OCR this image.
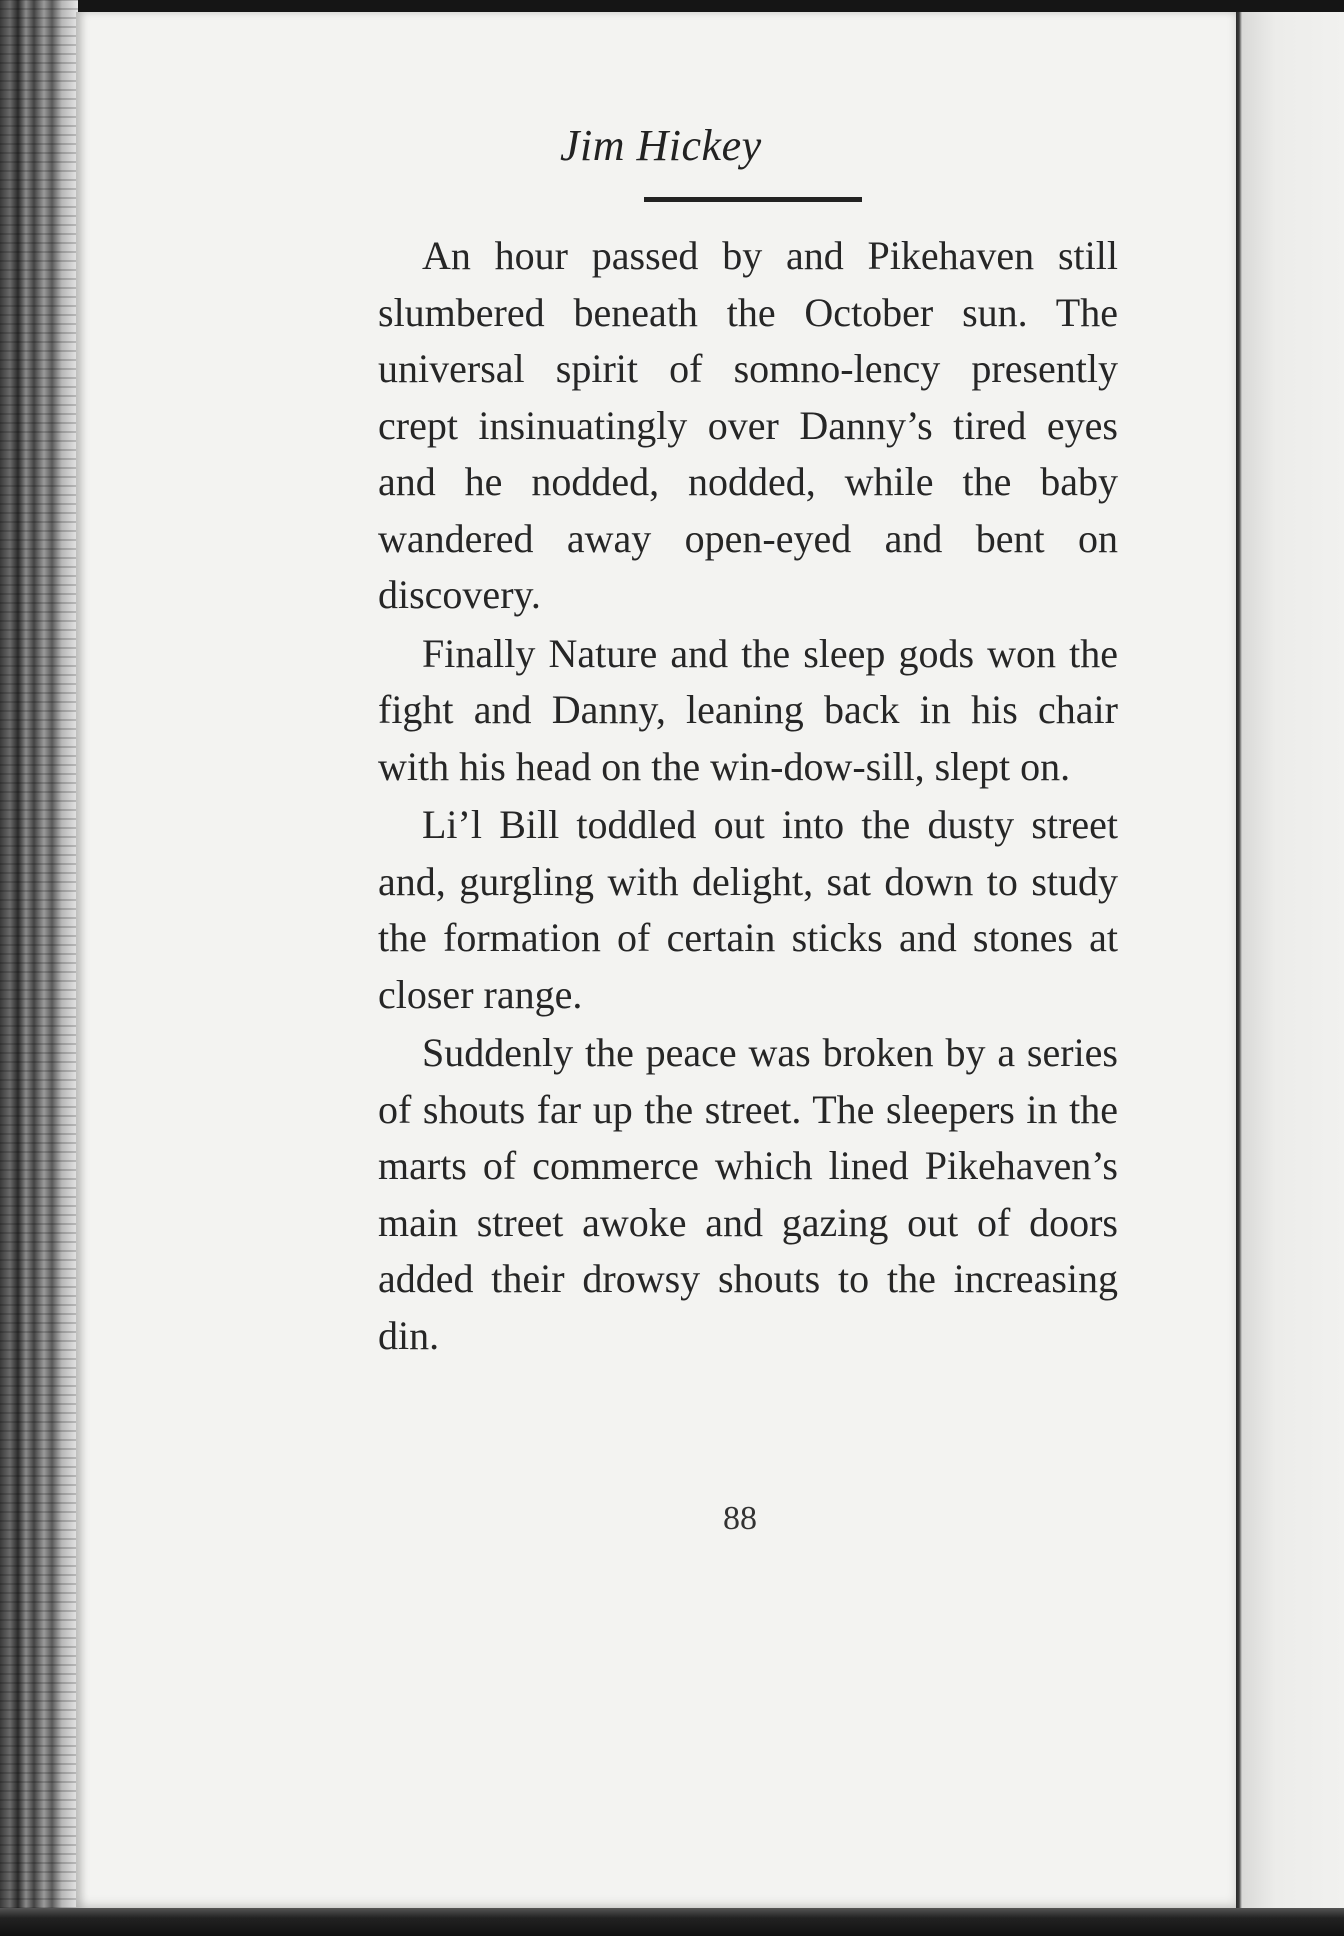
Jim Hickey

An hour passed by and Pikehaven still slumbered beneath the October sun. The universal spirit of somno-lency presently crept insinuatingly over Danny’s tired eyes and he nodded, nodded, while the baby wandered away open-eyed and bent on discovery.

Finally Nature and the sleep gods won the fight and Danny, leaning back in his chair with his head on the win-dow-sill, slept on.

Li’l Bill toddled out into the dusty street and, gurgling with delight, sat down to study the formation of certain sticks and stones at closer range.

Suddenly the peace was broken by a series of shouts far up the street. The sleepers in the marts of commerce which lined Pikehaven’s main street awoke and gazing out of doors added their drowsy shouts to the increasing din.

88
